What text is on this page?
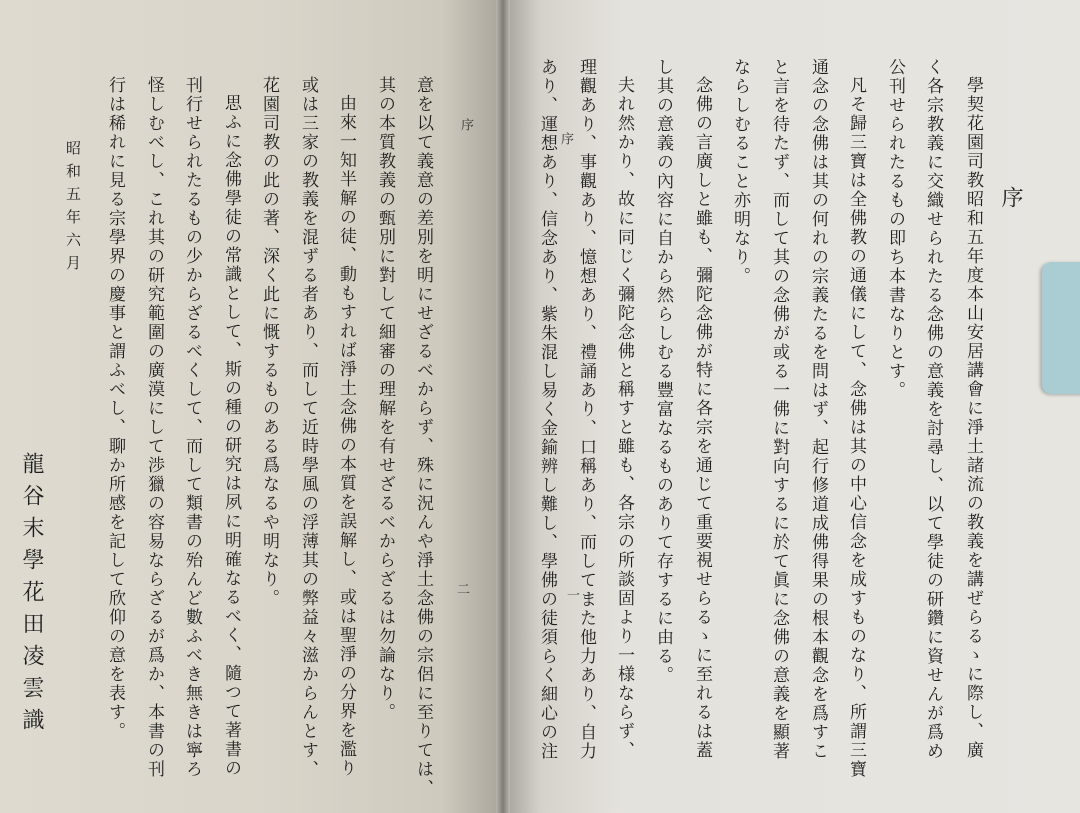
序
序
一	學契花園司教昭和五年度本山安居講會に淨土諸流の教義を講ぜらるゝに際し、廣
く各宗教義に交織せられたる念佛の意義を討尋し、以て學徒の研鑽に資せんが爲め
公刊せられたるもの即ち本書なりとす。
凡そ歸三寶は全佛教の通儀にして、念佛は其の中心信念を成すものなり、所謂三寶
通念の念佛は其の何れの宗義たるを問はず、起行修道成佛得果の根本觀念を爲すこ
と言を待たず、而して其の念佛が或る一佛に對向するに於て眞に念佛の意義を顯著
ならしむること亦明なり。
念佛の言廣しと雖も、彌陀念佛が特に各宗を通じて重要視せらるゝに至れるは蓋
し其の意義の內容に自から然らしむる豐富なるものありて存するに由る。
夫れ然かり、故に同じく彌陀念佛と稱すと雖も、各宗の所談固より一様ならず、
理觀あり、事觀あり、憶想あり、禮誦あり、口稱あり、而してまた他力あり、自力
あり、運想あり、信念あり、紫朱混し易く金鍮辨し難し、學佛の徒須らく細心の注
序
二
意を以て義意の差別を明にせざるべからず、殊に況んや淨土念佛の宗侶に至りては、
其の本質教義の甄別に對して細審の理解を有せざるべからざるは勿論なり。
由來一知半解の徒、動もすれば淨土念佛の本質を誤解し、或は聖淨の分界を濫り
或は三家の教義を混ずる者あり、而して近時學風の浮薄其の弊益々滋からんとす、
花園司教の此の著、深く此に慨するものある爲なるや明なり。
思ふに念佛學徒の常識として、斯の種の研究は夙に明確なるべく、隨つて著書の
刊行せられたるもの少からざるべくして、而して類書の殆んど數ふべき無きは寧ろ
怪しむべし、これ其の研究範圍の廣漠にして渉獵の容易ならざるが爲か、本書の刊
行は稀れに見る宗學界の慶事と謂ふべし、聊か所感を記して欣仰の意を表す。
昭和五年六月
龍谷末學花田凌雲識
